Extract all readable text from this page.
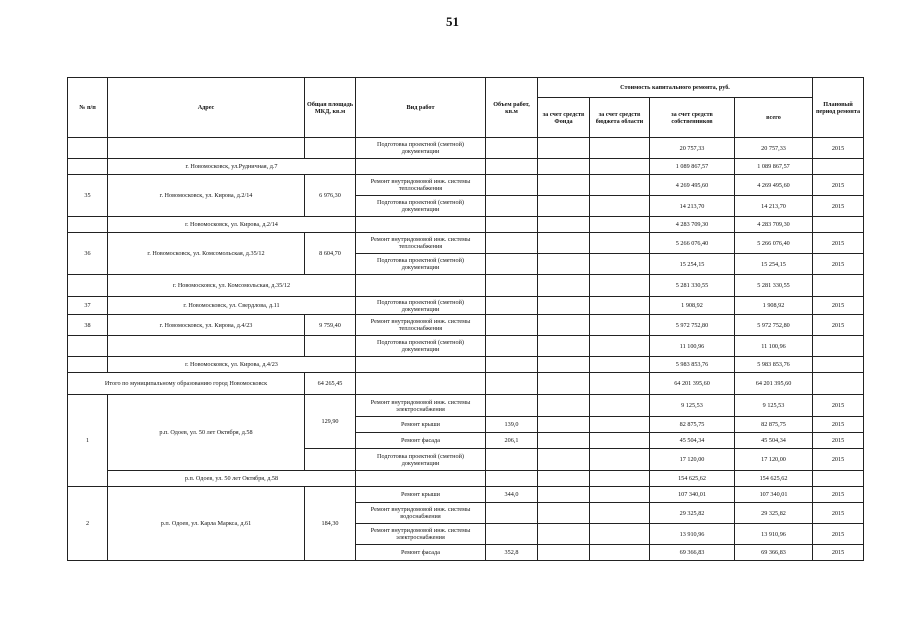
51
№ п/п	Адрес	Общая площадь МКД, кв.м	Вид работ	Объем работ, кв.м	Стоимость капитального ремонта, руб.				Плановый период ремонта
					за счет средств Фонда	за счет средств бюджета области	за счет средств собственников	всего	
			Подготовка проектной (сметной) документации				20 757,33	20 757,33	2015
	г. Новомосковск, ул.Рудничная, д.7						1 089 867,57	1 089 867,57	
35	г. Новомосковск, ул. Кирова, д.2/14	6 976,30	Ремонт внутридомовой инж. системы теплоснабжения				4 269 495,60	4 269 495,60	2015
			Подготовка проектной (сметной) документации				14 213,70	14 213,70	2015
	г. Новомосковск, ул. Кирова, д.2/14						4 283 709,30	4 283 709,30	
36	г. Новомосковск, ул. Комсомольская, д.35/12	8 604,70	Ремонт внутридомовой инж. системы теплоснабжения				5 266 076,40	5 266 076,40	2015
			Подготовка проектной (сметной) документации				15 254,15	15 254,15	2015
	г. Новомосковск, ул. Комсомольская, д.35/12						5 281 330,55	5 281 330,55	
37	г. Новомосковск, ул. Свердлова, д.11		Подготовка проектной (сметной) документации				1 908,92	1 908,92	2015
38	г. Новомосковск, ул. Кирова, д.4/23	9 759,40	Ремонт внутридомовой инж. системы теплоснабжения				5 972 752,80	5 972 752,80	2015
			Подготовка проектной (сметной) документации				11 100,96	11 100,96	
	г. Новомосковск, ул. Кирова, д.4/23						5 983 853,76	5 983 853,76	
Итого по муниципальному образованию город Новомосковск		64 265,45					64 201 395,60	64 201 395,60	
1	р.п. Одоев, ул. 50 лет Октября, д.58	129,90	Ремонт внутридомовой инж. системы электроснабжения				9 125,53	9 125,53	2015
			Ремонт крыши	139,0			82 875,75	82 875,75	2015
			Ремонт фасада	206,1			45 504,34	45 504,34	2015
			Подготовка проектной (сметной) документации				17 120,00	17 120,00	2015
	р.п. Одоев, ул. 50 лет Октября, д.58						154 625,62	154 625,62	
2	р.п. Одоев, ул. Карла Маркса, д.61	184,30	Ремонт крыши	344,0			107 340,01	107 340,01	2015
			Ремонт внутридомовой инж. системы водоснабжения				29 325,82	29 325,82	2015
			Ремонт внутридомовой инж. системы электроснабжения				13 910,96	13 910,96	2015
			Ремонт фасада	352,8			69 366,83	69 366,83	2015
